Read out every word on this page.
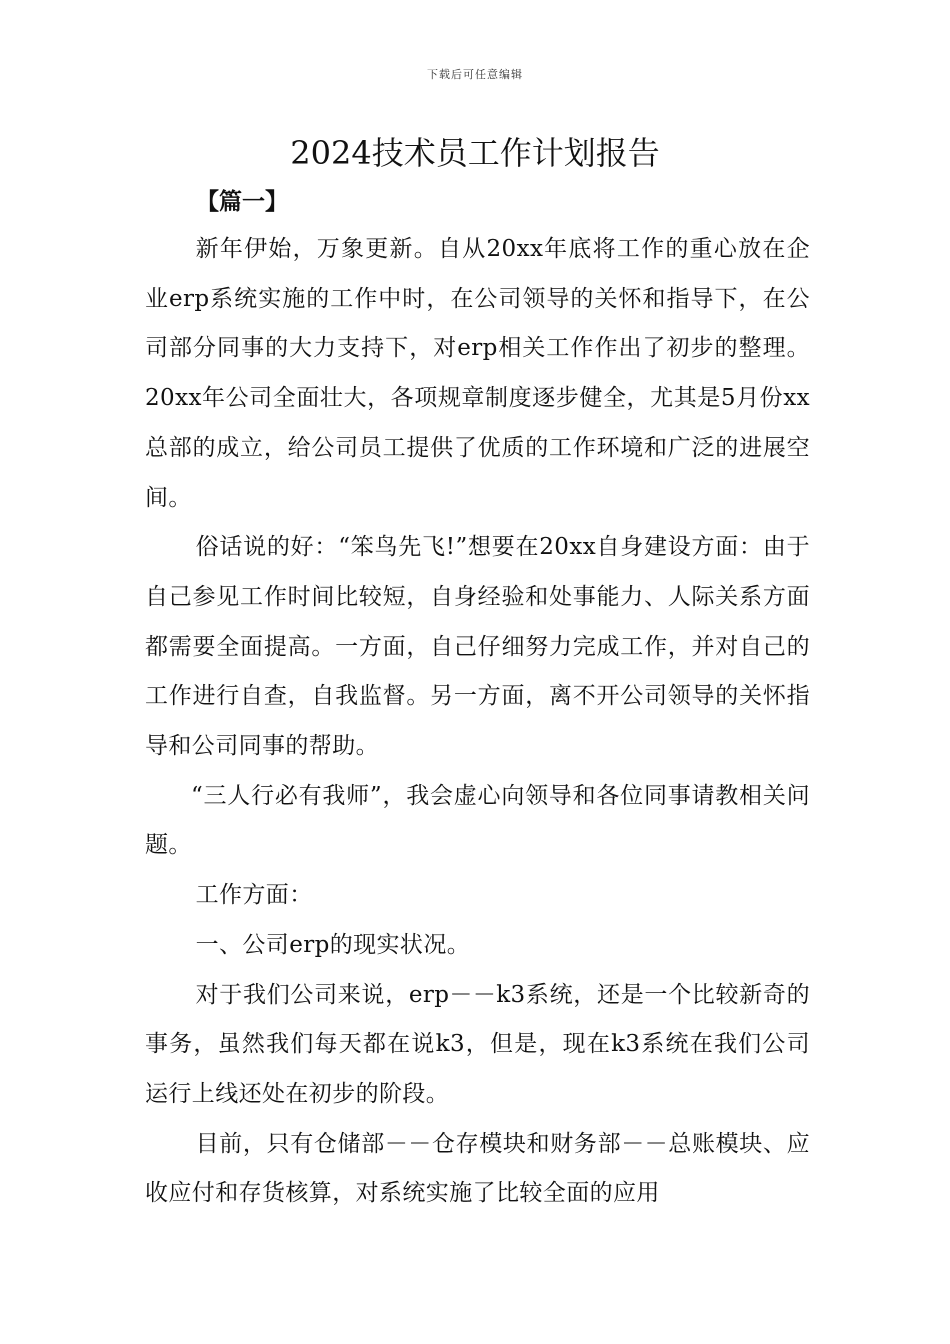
下载后可任意编辑
2024技术员工作计划报告
【篇一】

新年伊始，万象更新。自从20xx年底将工作的重心放在企业erp系统实施的工作中时，在公司领导的关怀和指导下，在公司部分同事的大力支持下，对erp相关工作作出了初步的整理。20xx年公司全面壮大，各项规章制度逐步健全，尤其是5月份xx总部的成立，给公司员工提供了优质的工作环境和广泛的进展空间。

俗话说的好：“笨鸟先飞!”想要在20xx自身建设方面：由于自己参见工作时间比较短，自身经验和处事能力、人际关系方面都需要全面提高。一方面，自己仔细努力完成工作，并对自己的工作进行自查，自我监督。另一方面，离不开公司领导的关怀指导和公司同事的帮助。

“三人行必有我师”，我会虚心向领导和各位同事请教相关问题。

工作方面：

一、公司erp的现实状况。

对于我们公司来说，erp－－k3系统，还是一个比较新奇的事务，虽然我们每天都在说k3，但是，现在k3系统在我们公司运行上线还处在初步的阶段。

目前，只有仓储部－－仓存模块和财务部－－总账模块、应收应付和存货核算，对系统实施了比较全面的应用
